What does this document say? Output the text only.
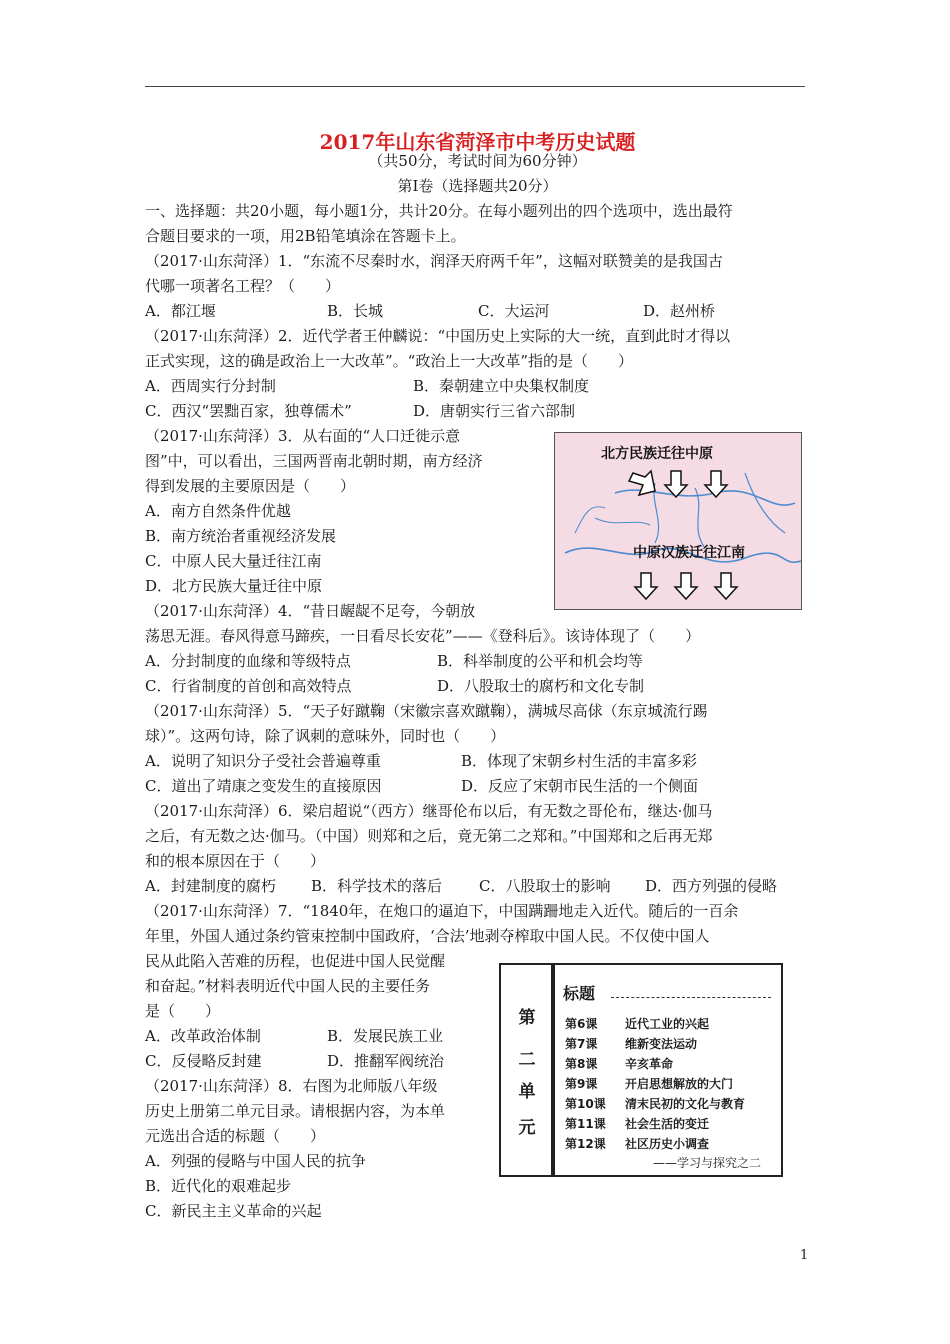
2017年山东省菏泽市中考历史试题
（共50分，考试时间为60分钟）
第Ⅰ卷（选择题共20分）
一、选择题：共20小题，每小题1分，共计20分。在每小题列出的四个选项中，选出最符
合题目要求的一项，用2B铅笔填涂在答题卡上。
（2017·山东菏泽）1．“东流不尽秦时水，润泽天府两千年”，这幅对联赞美的是我国古
代哪一项著名工程？（　　）
A．都江堰	B．长城	C．大运河	D．赵州桥
（2017·山东菏泽）2．近代学者王仲麟说：“中国历史上实际的大一统，直到此时才得以
正式实现，这的确是政治上一大改革”。“政治上一大改革”指的是（　　）
A．西周实行分封制	B．秦朝建立中央集权制度
C．西汉“罢黜百家，独尊儒术”	D．唐朝实行三省六部制
（2017·山东菏泽）3．从右面的“人口迁徙示意
图”中，可以看出，三国两晋南北朝时期，南方经济
得到发展的主要原因是（　　）
A．南方自然条件优越
B．南方统治者重视经济发展
C．中原人民大量迁往江南
D．北方民族大量迁往中原
（2017·山东菏泽）4．“昔日龌龊不足夸，今朝放
荡思无涯。春风得意马蹄疾，一日看尽长安花”——《登科后》。该诗体现了（　　）
A．分封制度的血缘和等级特点	B．科举制度的公平和机会均等
C．行省制度的首创和高效特点	D．八股取士的腐朽和文化专制
（2017·山东菏泽）5．“天子好蹴鞠（宋徽宗喜欢蹴鞠），满城尽高俅（东京城流行踢
球）”。这两句诗，除了讽刺的意味外，同时也（　　）
A．说明了知识分子受社会普遍尊重	B．体现了宋朝乡村生活的丰富多彩
C．道出了靖康之变发生的直接原因	D．反应了宋朝市民生活的一个侧面
（2017·山东菏泽）6．梁启超说“（西方）继哥伦布以后，有无数之哥伦布，继达·伽马
之后，有无数之达·伽马。（中国）则郑和之后，竟无第二之郑和。”中国郑和之后再无郑
和的根本原因在于（　　）
A．封建制度的腐朽 B．科学技术的落后 C．八股取士的影响 D．西方列强的侵略
（2017·山东菏泽）7．“1840年，在炮口的逼迫下，中国蹒跚地走入近代。随后的一百余
年里，外国人通过条约管束控制中国政府，‘合法’地剥夺榨取中国人民。不仅使中国人
民从此陷入苦难的历程，也促进中国人民觉醒
和奋起。”材料表明近代中国人民的主要任务
是（　　）
A．改革政治体制	B．发展民族工业
C．反侵略反封建	D．推翻军阀统治
（2017·山东菏泽）8．右图为北师版八年级
历史上册第二单元目录。请根据内容，为本单
元选出合适的标题（　　）
A．列强的侵略与中国人民的抗争
B．近代化的艰难起步
C．新民主主义革命的兴起
北方民族迁往中原
中原汉族迁往江南
第
二
单
元
标题
第6课 近代工业的兴起
第7课 维新变法运动
第8课 辛亥革命
第9课 开启思想解放的大门
第10课 清末民初的文化与教育
第11课 社会生活的变迁
第12课 社区历史小调查
——学习与探究之二
1
